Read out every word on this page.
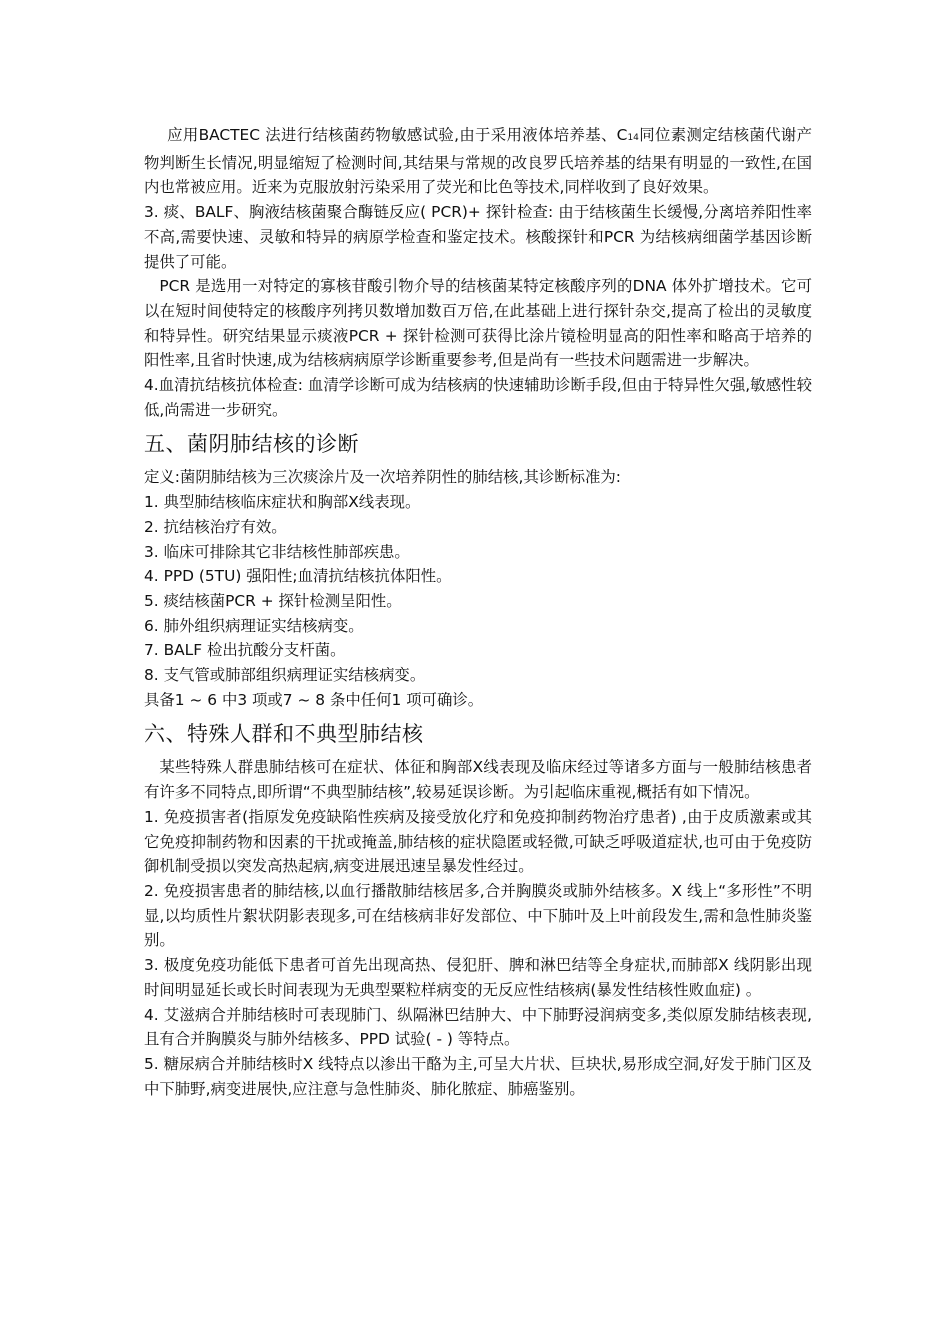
应用BACTEC 法进行结核菌药物敏感试验,由于采用液体培养基、C14同位素测定结核菌代谢产物判断生长情况,明显缩短了检测时间,其结果与常规的改良罗氏培养基的结果有明显的一致性,在国内也常被应用。近来为克服放射污染采用了荧光和比色等技术,同样收到了良好效果。

3. 痰、BALF、胸液结核菌聚合酶链反应( PCR)+ 探针检查: 由于结核菌生长缓慢,分离培养阳性率不高,需要快速、灵敏和特异的病原学检查和鉴定技术。核酸探针和PCR 为结核病细菌学基因诊断提供了可能。

PCR 是选用一对特定的寡核苷酸引物介导的结核菌某特定核酸序列的DNA 体外扩增技术。它可以在短时间使特定的核酸序列拷贝数增加数百万倍,在此基础上进行探针杂交,提高了检出的灵敏度和特异性。研究结果显示痰液PCR + 探针检测可获得比涂片镜检明显高的阳性率和略高于培养的阳性率,且省时快速,成为结核病病原学诊断重要参考,但是尚有一些技术问题需进一步解决。

4.血清抗结核抗体检查: 血清学诊断可成为结核病的快速辅助诊断手段,但由于特异性欠强,敏感性较低,尚需进一步研究。

五、菌阴肺结核的诊断

定义:菌阴肺结核为三次痰涂片及一次培养阴性的肺结核,其诊断标准为:

1. 典型肺结核临床症状和胸部X线表现。

2. 抗结核治疗有效。

3. 临床可排除其它非结核性肺部疾患。

4. PPD (5TU) 强阳性;血清抗结核抗体阳性。

5. 痰结核菌PCR + 探针检测呈阳性。

6. 肺外组织病理证实结核病变。

7. BALF 检出抗酸分支杆菌。

8. 支气管或肺部组织病理证实结核病变。

具备1 ~ 6 中3 项或7 ~ 8 条中任何1 项可确诊。

六、特殊人群和不典型肺结核

某些特殊人群患肺结核可在症状、体征和胸部X线表现及临床经过等诸多方面与一般肺结核患者有许多不同特点,即所谓“不典型肺结核”,较易延误诊断。为引起临床重视,概括有如下情况。

1. 免疫损害者(指原发免疫缺陷性疾病及接受放化疗和免疫抑制药物治疗患者) ,由于皮质激素或其它免疫抑制药物和因素的干扰或掩盖,肺结核的症状隐匿或轻微,可缺乏呼吸道症状,也可由于免疫防御机制受损以突发高热起病,病变进展迅速呈暴发性经过。

2. 免疫损害患者的肺结核,以血行播散肺结核居多,合并胸膜炎或肺外结核多。X 线上“多形性”不明显,以均质性片絮状阴影表现多,可在结核病非好发部位、中下肺叶及上叶前段发生,需和急性肺炎鉴别。

3. 极度免疫功能低下患者可首先出现高热、侵犯肝、脾和淋巴结等全身症状,而肺部X 线阴影出现时间明显延长或长时间表现为无典型粟粒样病变的无反应性结核病(暴发性结核性败血症) 。

4. 艾滋病合并肺结核时可表现肺门、纵隔淋巴结肿大、中下肺野浸润病变多,类似原发肺结核表现,且有合并胸膜炎与肺外结核多、PPD 试验( - ) 等特点。

5. 糖尿病合并肺结核时X 线特点以渗出干酪为主,可呈大片状、巨块状,易形成空洞,好发于肺门区及中下肺野,病变进展快,应注意与急性肺炎、肺化脓症、肺癌鉴别。
